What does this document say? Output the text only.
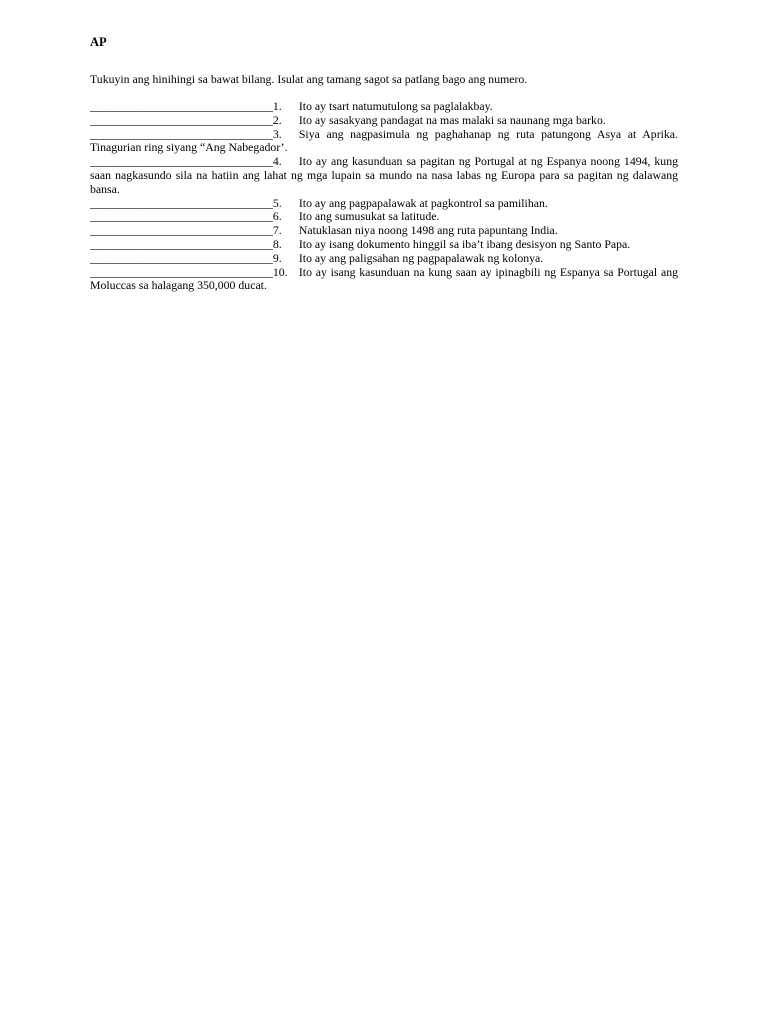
AP
Tukuyin ang hinihingi sa bawat bilang. Isulat ang tamang sagot sa patlang bago ang numero.
_______________________________1. Ito ay tsart natumutulong sa paglalakbay.
_______________________________2. Ito ay sasakyang pandagat na mas malaki sa naunang mga barko.
_______________________________3. Siya ang nagpasimula ng paghahanap ng ruta patungong Asya at Aprika. Tinagurian ring siyang “Ang Nabegador’.
_______________________________4. Ito ay ang kasunduan sa pagitan ng Portugal at ng Espanya noong 1494, kung saan nagkasundo sila na hatiin ang lahat ng mga lupain sa mundo na nasa labas ng Europa para sa pagitan ng dalawang bansa.
_______________________________5. Ito ay ang pagpapalawak at pagkontrol sa pamilihan.
_______________________________6. Ito ang sumusukat sa latitude.
_______________________________7. Natuklasan niya noong 1498 ang ruta papuntang India.
_______________________________8. Ito ay isang dokumento hinggil sa iba’t ibang desisyon ng Santo Papa.
_______________________________9. Ito ay ang paligsahan ng pagpapalawak ng kolonya.
_______________________________10. Ito ay isang kasunduan na kung saan ay ipinagbili ng Espanya sa Portugal ang Moluccas sa halagang 350,000 ducat.
